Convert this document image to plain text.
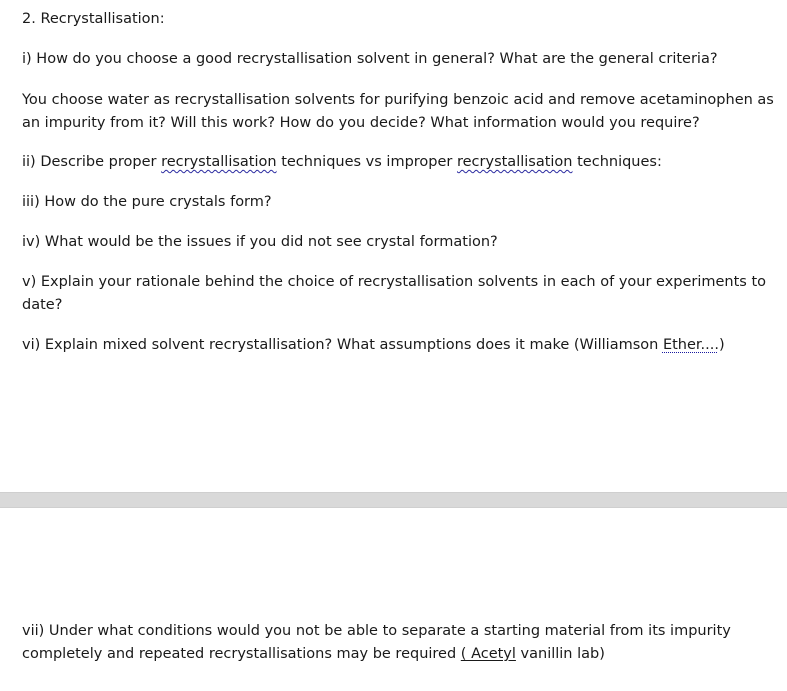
2. Recrystallisation:

i) How do you choose a good recrystallisation solvent in general? What are the general criteria?

You choose water as recrystallisation solvents for purifying benzoic acid and remove acetaminophen as

an impurity from it? Will this work? How do you decide? What information would you require?

ii) Describe proper recrystallisation techniques vs improper recrystallisation techniques:

iii) How do the pure crystals form?

iv) What would be the issues if you did not see crystal formation?

v) Explain your rationale behind the choice of recrystallisation solvents in each of your experiments to

date?

vi) Explain mixed solvent recrystallisation? What assumptions does it make (Williamson Ether....)

vii) Under what conditions would you not be able to separate a starting material from its impurity

completely and repeated recrystallisations may be required ( Acetyl vanillin lab)
